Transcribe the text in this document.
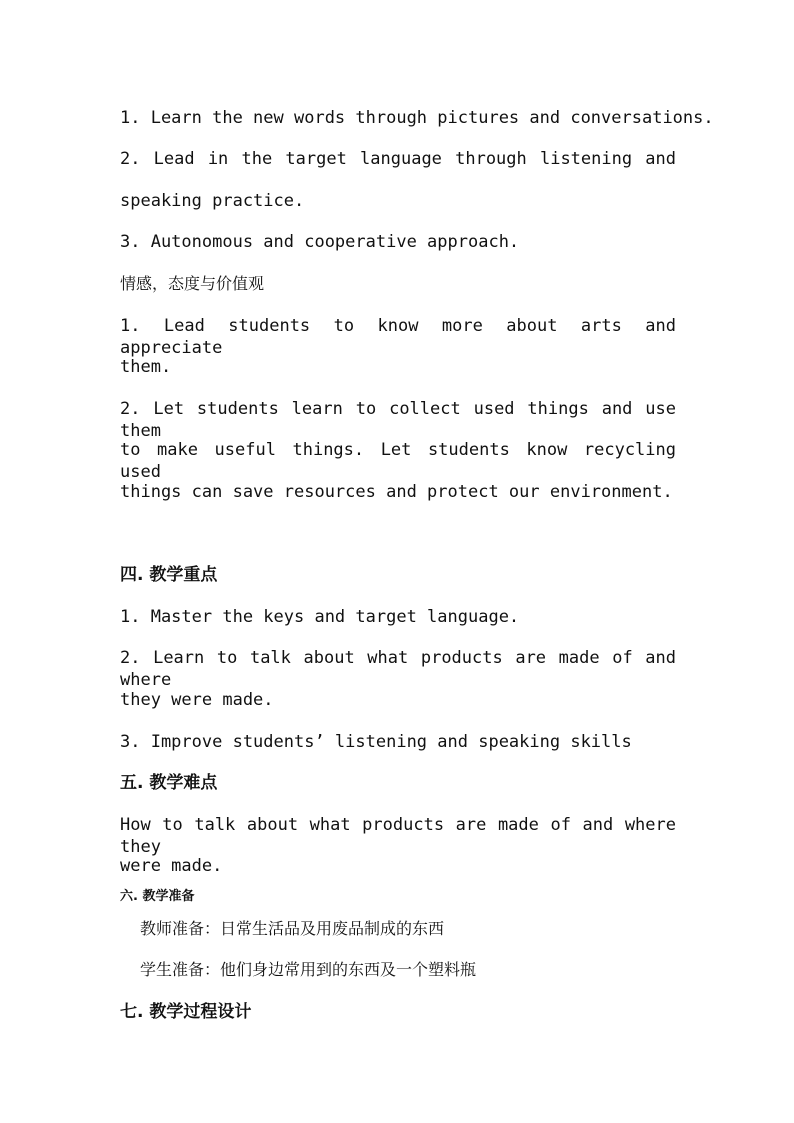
1. Learn the new words through pictures and conversations.
2. Lead in the target language through listening and
speaking practice.
3. Autonomous and cooperative approach.
情感，态度与价值观
1. Lead students to know more about arts and appreciate
them.
2. Let students learn to collect used things and use them
to make useful things. Let students know recycling used
things can save resources and protect our environment.
四. 教学重点
1. Master the keys and target language.
2. Learn to talk about what products are made of and where
they were made.
3. Improve students’ listening and speaking skills
五. 教学难点
How to talk about what products are made of and where they
were made.
六. 教学准备
教师准备：日常生活品及用废品制成的东西
学生准备：他们身边常用到的东西及一个塑料瓶
七. 教学过程设计
